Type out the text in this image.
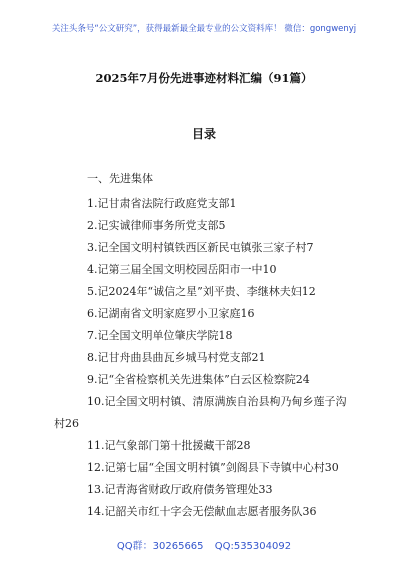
关注头条号“公文研究”，获得最新最全最专业的公文资料库！ 微信：gongwenyj
2025年7月份先进事迹材料汇编（91篇）
目录
一、先进集体

1.记甘肃省法院行政庭党支部1

2.记实诚律师事务所党支部5

3.记全国文明村镇铁西区新民屯镇张三家子村7

4.记第三届全国文明校园岳阳市一中10

5.记2024年“诚信之星”刘平贵、李继林夫妇12

6.记湖南省文明家庭罗小卫家庭16

7.记全国文明单位肇庆学院18

8.记甘舟曲县曲瓦乡城马村党支部21

9.记“全省检察机关先进集体”白云区检察院24

10.记全国文明村镇、清原满族自治县枸乃甸乡莲子沟
村26

11.记气象部门第十批援藏干部28

12.记第七届“全国文明村镇”剑阁县下寺镇中心村30

13.记青海省财政厅政府债务管理处33

14.记韶关市红十字会无偿献血志愿者服务队36

QQ群：30265665 QQ:535304092
